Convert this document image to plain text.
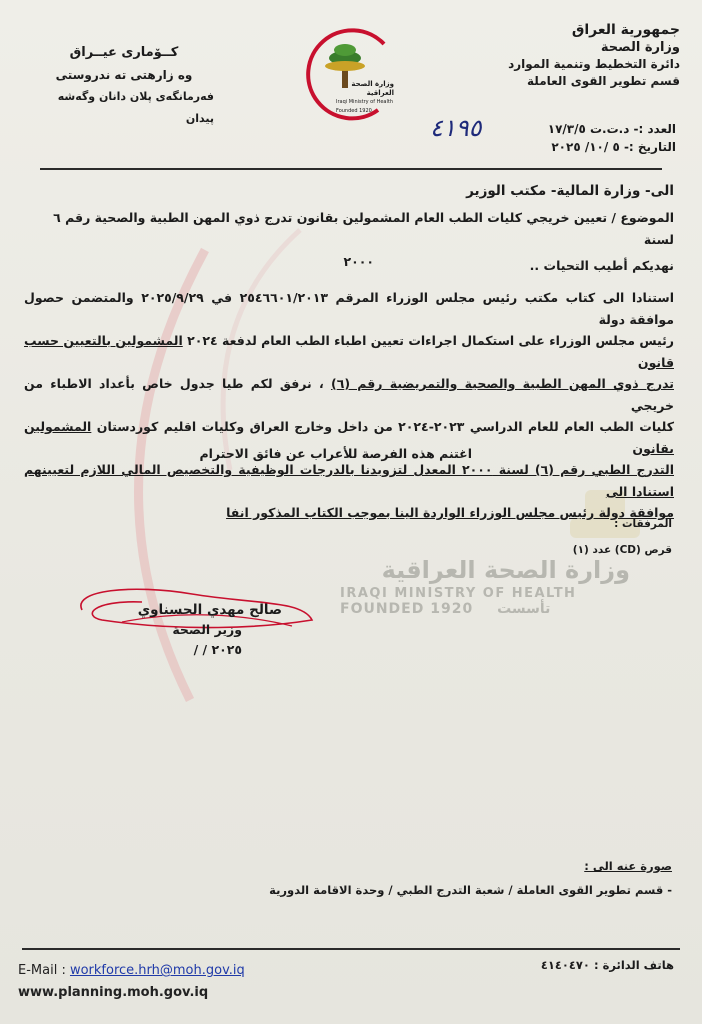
وزارة الصحة العراقية
IRAQI MINISTRY OF HEALTH
FOUNDED 1920 تأسست
جمهورية العراق
وزارة الصحة
دائرة التخطيط وتنمية الموارد
قسم تطوير القوى العاملة
وزارة الصحة العراقية
Iraqi Ministry of Health
Founded 1920
كــۆمارى عيــراق
وه زارهتى ته ندروستى
فەرمانگەی پلان دانان وگەشە پیدان
العدد :- د.ت.ت ١٧/٣/٥
التاريخ :- ٥ /١٠/ ٢٠٢٥
٤١٩٥
الى- وزارة المالية- مكتب الوزير
الموضوع / تعيين خريجي كليات الطب العام المشمولين بقانون تدرج ذوي المهن الطبية والصحية رقم ٦ لسنة
٢٠٠٠	نهديكم أطيب التحيات ..
استنادا الى كتاب مكتب رئيس مجلس الوزراء المرقم ٢٥٤٦٦٠١/٢٠١٣ في ٢٠٢٥/٩/٢٩ والمتضمن حصول موافقة دولة
رئيس مجلس الوزراء على استكمال اجراءات تعيين اطباء الطب العام لدفعة ٢٠٢٤ المشمولين بالتعيين حسب قانون
تدرج ذوي المهن الطبية والصحية والتمريضية رقم (٦) ، نرفق لكم طيا جدول خاص بأعداد الاطباء من خريجي
كليات الطب العام للعام الدراسي ٢٠٢٣-٢٠٢٤ من داخل وخارج العراق وكليات اقليم كوردستان المشمولين بقانون
التدرج الطبي رقم (٦) لسنة ٢٠٠٠ المعدل لتزويدنا بالدرجات الوظيفية والتخصيص المالي اللازم لتعيينهم استنادا الى
موافقة دولة رئيس مجلس الوزراء الواردة الينا بموجب الكتاب المذكور انفا
اغتنم هذه الفرصة للأعراب عن فائق الاحترام
المرفقات :
قرص (CD) عدد (١)
صالح مهدي الحسناوي
وزير الصحة
٢٠٢٥ / /
صورة عنه الى :
- قسم تطوير القوى العاملة / شعبة التدرج الطبي / وحدة الاقامة الدورية
E-Mail : workforce.hrh@moh.gov.iq
www.planning.moh.gov.iq
هاتف الدائرة : ٤١٤٠٤٧٠
